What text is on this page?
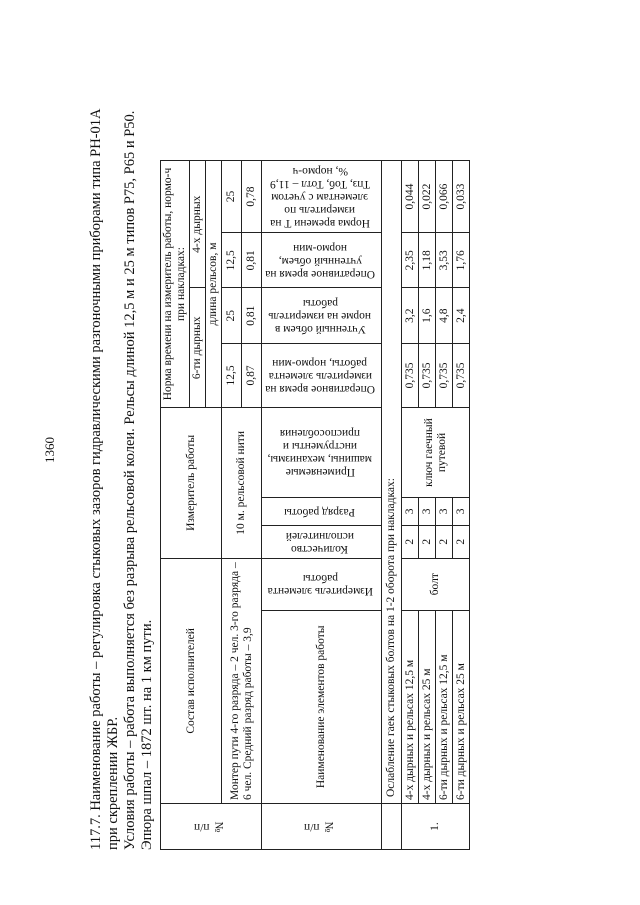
1360 117.7. Наименование работы – регулировка стыковых зазоров гидравлическими разгоночными приборами типа РН-01А при скреплении ЖБР. Условия работы – работа выполняется без разрыва рельсовой колеи. Рельсы длиной 12,5 м и 25 м типов Р75, Р65 и Р50. Эпюра шпал – 1872 шт. на 1 км пути.	№ п/п	Состав исполнителей		Измеритель работы			Норма времени на измеритель работы, нормо-ч при накладках:			
						6-ти дырных		4-х дырных	
						длина рельсов, м			
	Монтер пути 4-го разряда – 2 чел. 3-го разряда – 6 чел. Средний разряд работы – 3,9		10 м. рельсовой нити			12,5	25	12,5	25
						0,87	0,81	0,81	0,78
№ п/п	Наименование элементов работы	Измеритель элемента работы	Количество исполнителей	Разряд работы	Применяемые машины, механизмы, инструменты и приспособления	Оперативное время на измеритель элемента работы, нормо-мин	Учтенный объем в норме на измеритель работы	Оперативное время на учтенный объем, нормо-мин	Норма времени Т на измеритель по элементам с учетом Тпз, Тоб, Тотл – 11,9 %, нормо-ч
	Ослабление гаек стыковых болтов на 1-2 оборота при накладках:								
1.	4-х дырных и рельсах 12,5 м	болт	2	3	ключ гаечный путевой	0,735	3,2	2,35	0,044
	4-х дырных и рельсах 25 м		2	3		0,735	1,6	1,18	0,022
	6-ти дырных и рельсах 12,5 м		2	3		0,735	4,8	3,53	0,066
	6-ти дырных и рельсах 25 м		2	3		0,735	2,4	1,76	0,033
